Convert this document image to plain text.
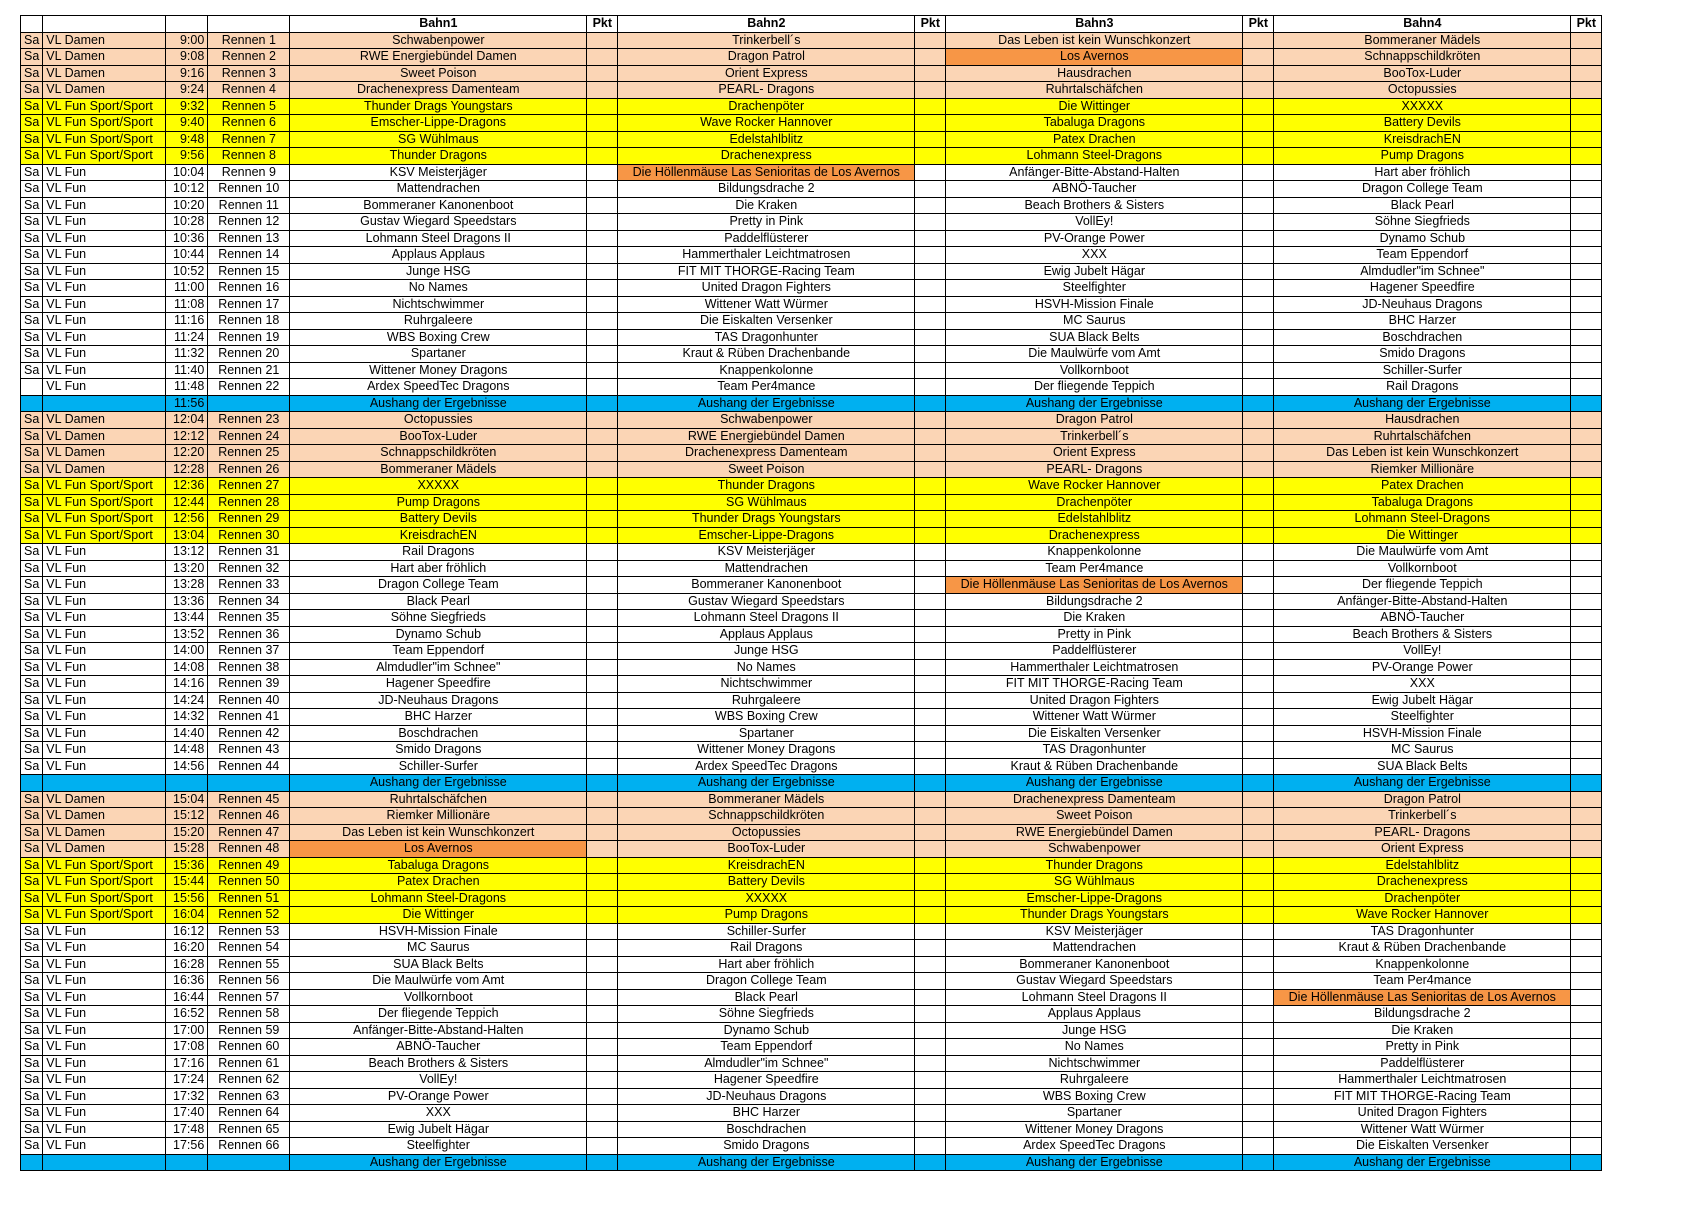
				Bahn1	Pkt	Bahn2	Pkt	Bahn3	Pkt	Bahn4	Pkt
Sa	VL Damen	9:00	Rennen 1	Schwabenpower		Trinkerbell´s		Das Leben ist kein Wunschkonzert		Bommeraner Mädels	
Sa	VL Damen	9:08	Rennen 2	RWE Energiebündel Damen		Dragon Patrol		Los Avernos		Schnappschildkröten	
Sa	VL Damen	9:16	Rennen 3	Sweet Poison		Orient Express		Hausdrachen		BooTox-Luder	
Sa	VL Damen	9:24	Rennen 4	Drachenexpress Damenteam		PEARL- Dragons		Ruhrtalschäfchen		Octopussies	
Sa	VL Fun Sport/Sport	9:32	Rennen 5	Thunder Drags Youngstars		Drachenpöter		Die Wittinger		XXXXX	
Sa	VL Fun Sport/Sport	9:40	Rennen 6	Emscher-Lippe-Dragons		Wave Rocker Hannover		Tabaluga Dragons		Battery Devils	
Sa	VL Fun Sport/Sport	9:48	Rennen 7	SG Wühlmaus		Edelstahlblitz		Patex Drachen		KreisdrachEN	
Sa	VL Fun Sport/Sport	9:56	Rennen 8	Thunder Dragons		Drachenexpress		Lohmann Steel-Dragons		Pump Dragons	
Sa	VL Fun	10:04	Rennen 9	KSV Meisterjäger		Die Höllenmäuse Las Senioritas de Los Avernos		Anfänger-Bitte-Abstand-Halten		Hart aber fröhlich	
Sa	VL Fun	10:12	Rennen 10	Mattendrachen		Bildungsdrache 2		ABNÖ-Taucher		Dragon College Team	
Sa	VL Fun	10:20	Rennen 11	Bommeraner Kanonenboot		Die Kraken		Beach Brothers & Sisters		Black Pearl	
Sa	VL Fun	10:28	Rennen 12	Gustav Wiegard Speedstars		Pretty in Pink		VollEy!		Söhne Siegfrieds	
Sa	VL Fun	10:36	Rennen 13	Lohmann Steel Dragons II		Paddelflüsterer		PV-Orange Power		Dynamo Schub	
Sa	VL Fun	10:44	Rennen 14	Applaus Applaus		Hammerthaler Leichtmatrosen		XXX		Team Eppendorf	
Sa	VL Fun	10:52	Rennen 15	Junge HSG		FIT MIT THORGE-Racing Team		Ewig Jubelt Hägar		Almdudler"im Schnee"	
Sa	VL Fun	11:00	Rennen 16	No Names		United Dragon Fighters		Steelfighter		Hagener Speedfire	
Sa	VL Fun	11:08	Rennen 17	Nichtschwimmer		Wittener Watt Würmer		HSVH-Mission Finale		JD-Neuhaus Dragons	
Sa	VL Fun	11:16	Rennen 18	Ruhrgaleere		Die Eiskalten Versenker		MC Saurus		BHC Harzer	
Sa	VL Fun	11:24	Rennen 19	WBS Boxing Crew		TAS Dragonhunter		SUA Black Belts		Boschdrachen	
Sa	VL Fun	11:32	Rennen 20	Spartaner		Kraut & Rüben Drachenbande		Die Maulwürfe vom Amt		Smido Dragons	
Sa	VL Fun	11:40	Rennen 21	Wittener Money Dragons		Knappenkolonne		Vollkornboot		Schiller-Surfer	
	VL Fun	11:48	Rennen 22	Ardex SpeedTec Dragons		Team Per4mance		Der fliegende Teppich		Rail Dragons	
		11:56		Aushang der Ergebnisse		Aushang der Ergebnisse		Aushang der Ergebnisse		Aushang der Ergebnisse	
Sa	VL Damen	12:04	Rennen 23	Octopussies		Schwabenpower		Dragon Patrol		Hausdrachen	
Sa	VL Damen	12:12	Rennen 24	BooTox-Luder		RWE Energiebündel Damen		Trinkerbell´s		Ruhrtalschäfchen	
Sa	VL Damen	12:20	Rennen 25	Schnappschildkröten		Drachenexpress Damenteam		Orient Express		Das Leben ist kein Wunschkonzert	
Sa	VL Damen	12:28	Rennen 26	Bommeraner Mädels		Sweet Poison		PEARL- Dragons		Riemker Millionäre	
Sa	VL Fun Sport/Sport	12:36	Rennen 27	XXXXX		Thunder Dragons		Wave Rocker Hannover		Patex Drachen	
Sa	VL Fun Sport/Sport	12:44	Rennen 28	Pump Dragons		SG Wühlmaus		Drachenpöter		Tabaluga Dragons	
Sa	VL Fun Sport/Sport	12:56	Rennen 29	Battery Devils		Thunder Drags Youngstars		Edelstahlblitz		Lohmann Steel-Dragons	
Sa	VL Fun Sport/Sport	13:04	Rennen 30	KreisdrachEN		Emscher-Lippe-Dragons		Drachenexpress		Die Wittinger	
Sa	VL Fun	13:12	Rennen 31	Rail Dragons		KSV Meisterjäger		Knappenkolonne		Die Maulwürfe vom Amt	
Sa	VL Fun	13:20	Rennen 32	Hart aber fröhlich		Mattendrachen		Team Per4mance		Vollkornboot	
Sa	VL Fun	13:28	Rennen 33	Dragon College Team		Bommeraner Kanonenboot		Die Höllenmäuse Las Senioritas de Los Avernos		Der fliegende Teppich	
Sa	VL Fun	13:36	Rennen 34	Black Pearl		Gustav Wiegard Speedstars		Bildungsdrache 2		Anfänger-Bitte-Abstand-Halten	
Sa	VL Fun	13:44	Rennen 35	Söhne Siegfrieds		Lohmann Steel Dragons II		Die Kraken		ABNÖ-Taucher	
Sa	VL Fun	13:52	Rennen 36	Dynamo Schub		Applaus Applaus		Pretty in Pink		Beach Brothers & Sisters	
Sa	VL Fun	14:00	Rennen 37	Team Eppendorf		Junge HSG		Paddelflüsterer		VollEy!	
Sa	VL Fun	14:08	Rennen 38	Almdudler"im Schnee"		No Names		Hammerthaler Leichtmatrosen		PV-Orange Power	
Sa	VL Fun	14:16	Rennen 39	Hagener Speedfire		Nichtschwimmer		FIT MIT THORGE-Racing Team		XXX	
Sa	VL Fun	14:24	Rennen 40	JD-Neuhaus Dragons		Ruhrgaleere		United Dragon Fighters		Ewig Jubelt Hägar	
Sa	VL Fun	14:32	Rennen 41	BHC Harzer		WBS Boxing Crew		Wittener Watt Würmer		Steelfighter	
Sa	VL Fun	14:40	Rennen 42	Boschdrachen		Spartaner		Die Eiskalten Versenker		HSVH-Mission Finale	
Sa	VL Fun	14:48	Rennen 43	Smido Dragons		Wittener Money Dragons		TAS Dragonhunter		MC Saurus	
Sa	VL Fun	14:56	Rennen 44	Schiller-Surfer		Ardex SpeedTec Dragons		Kraut & Rüben Drachenbande		SUA Black Belts	
				Aushang der Ergebnisse		Aushang der Ergebnisse		Aushang der Ergebnisse		Aushang der Ergebnisse	
Sa	VL Damen	15:04	Rennen 45	Ruhrtalschäfchen		Bommeraner Mädels		Drachenexpress Damenteam		Dragon Patrol	
Sa	VL Damen	15:12	Rennen 46	Riemker Millionäre		Schnappschildkröten		Sweet Poison		Trinkerbell´s	
Sa	VL Damen	15:20	Rennen 47	Das Leben ist kein Wunschkonzert		Octopussies		RWE Energiebündel Damen		PEARL- Dragons	
Sa	VL Damen	15:28	Rennen 48	Los Avernos		BooTox-Luder		Schwabenpower		Orient Express	
Sa	VL Fun Sport/Sport	15:36	Rennen 49	Tabaluga Dragons		KreisdrachEN		Thunder Dragons		Edelstahlblitz	
Sa	VL Fun Sport/Sport	15:44	Rennen 50	Patex Drachen		Battery Devils		SG Wühlmaus		Drachenexpress	
Sa	VL Fun Sport/Sport	15:56	Rennen 51	Lohmann Steel-Dragons		XXXXX		Emscher-Lippe-Dragons		Drachenpöter	
Sa	VL Fun Sport/Sport	16:04	Rennen 52	Die Wittinger		Pump Dragons		Thunder Drags Youngstars		Wave Rocker Hannover	
Sa	VL Fun	16:12	Rennen 53	HSVH-Mission Finale		Schiller-Surfer		KSV Meisterjäger		TAS Dragonhunter	
Sa	VL Fun	16:20	Rennen 54	MC Saurus		Rail Dragons		Mattendrachen		Kraut & Rüben Drachenbande	
Sa	VL Fun	16:28	Rennen 55	SUA Black Belts		Hart aber fröhlich		Bommeraner Kanonenboot		Knappenkolonne	
Sa	VL Fun	16:36	Rennen 56	Die Maulwürfe vom Amt		Dragon College Team		Gustav Wiegard Speedstars		Team Per4mance	
Sa	VL Fun	16:44	Rennen 57	Vollkornboot		Black Pearl		Lohmann Steel Dragons II		Die Höllenmäuse Las Senioritas de Los Avernos	
Sa	VL Fun	16:52	Rennen 58	Der fliegende Teppich		Söhne Siegfrieds		Applaus Applaus		Bildungsdrache 2	
Sa	VL Fun	17:00	Rennen 59	Anfänger-Bitte-Abstand-Halten		Dynamo Schub		Junge HSG		Die Kraken	
Sa	VL Fun	17:08	Rennen 60	ABNÖ-Taucher		Team Eppendorf		No Names		Pretty in Pink	
Sa	VL Fun	17:16	Rennen 61	Beach Brothers & Sisters		Almdudler"im Schnee"		Nichtschwimmer		Paddelflüsterer	
Sa	VL Fun	17:24	Rennen 62	VollEy!		Hagener Speedfire		Ruhrgaleere		Hammerthaler Leichtmatrosen	
Sa	VL Fun	17:32	Rennen 63	PV-Orange Power		JD-Neuhaus Dragons		WBS Boxing Crew		FIT MIT THORGE-Racing Team	
Sa	VL Fun	17:40	Rennen 64	XXX		BHC Harzer		Spartaner		United Dragon Fighters	
Sa	VL Fun	17:48	Rennen 65	Ewig Jubelt Hägar		Boschdrachen		Wittener Money Dragons		Wittener Watt Würmer	
Sa	VL Fun	17:56	Rennen 66	Steelfighter		Smido Dragons		Ardex SpeedTec Dragons		Die Eiskalten Versenker	
				Aushang der Ergebnisse		Aushang der Ergebnisse		Aushang der Ergebnisse		Aushang der Ergebnisse	
